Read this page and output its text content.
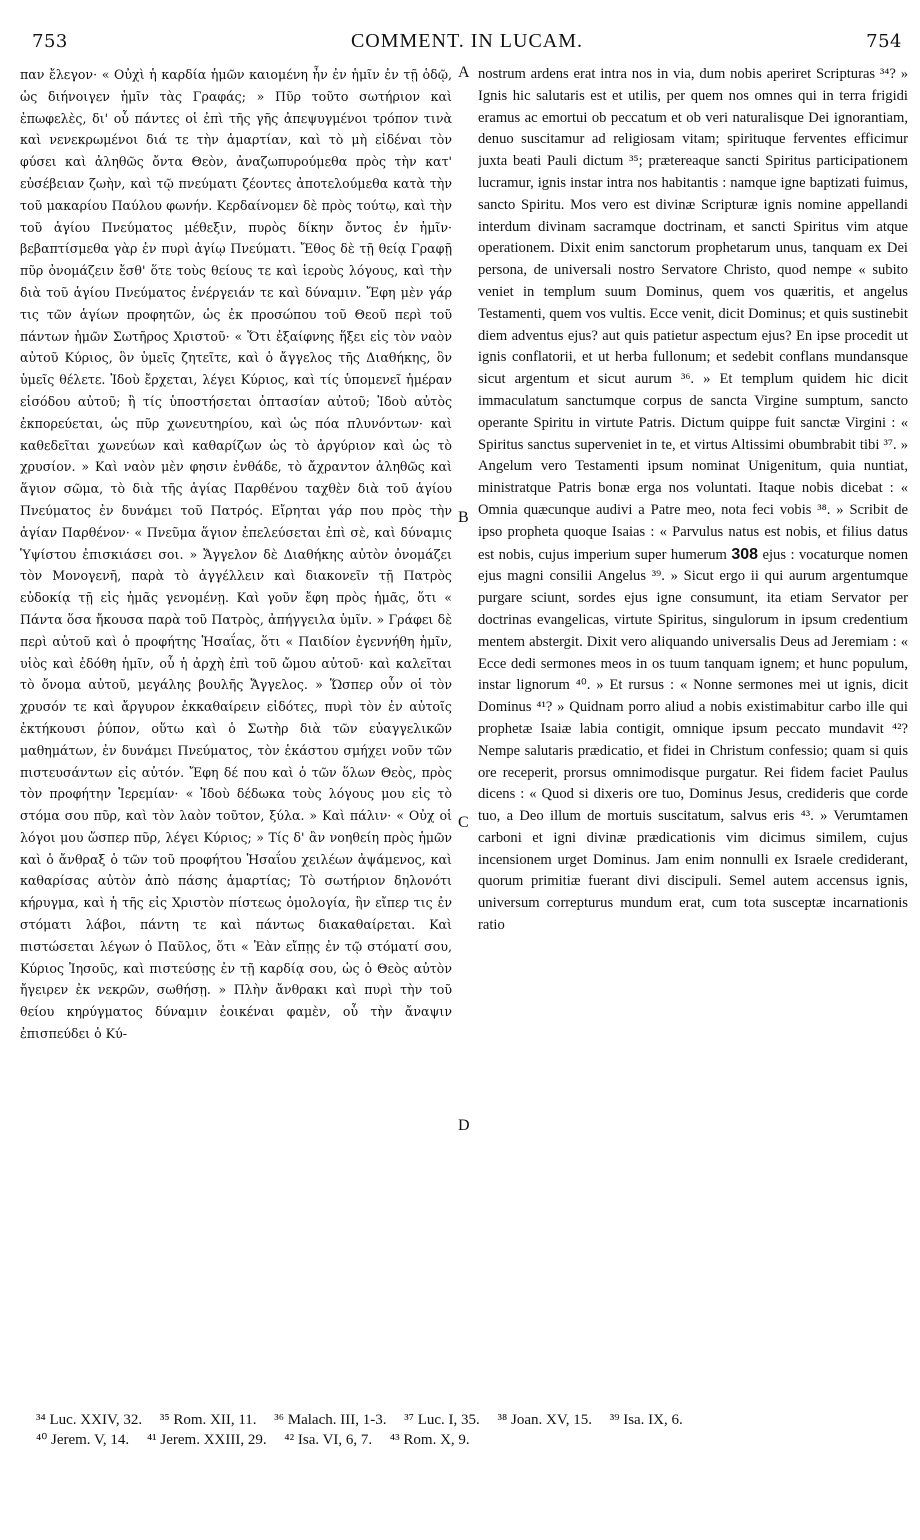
753	COMMENT. IN LUCAM.	754

παν ἔλεγον· « Οὐχὶ ἡ καρδία ἡμῶν καιομένη ἦν ἐν ἡμῖν ἐν τῇ ὁδῷ, ὡς διήνοιγεν ἡμῖν τὰς Γραφάς; » Πῦρ τοῦτο σωτήριον καὶ ἐπωφελὲς, δι' οὗ πάντες οἱ ἐπὶ τῆς γῆς ἀπεψυγμένοι τρόπον τινὰ καὶ νενεκρωμένοι διά τε τὴν ἁμαρτίαν, καὶ τὸ μὴ εἰδέναι τὸν φύσει καὶ ἀληθῶς ὄντα Θεὸν, ἀναζωπυρούμεθα πρὸς τὴν κατ' εὐσέβειαν ζωὴν, καὶ τῷ πνεύματι ζέοντες ἀποτελούμεθα κατὰ τὴν τοῦ μακαρίου Παύλου φωνήν. Κερδαίνομεν δὲ πρὸς τούτῳ, καὶ τὴν τοῦ ἁγίου Πνεύματος μέθεξιν, πυρὸς δίκην ὄντος ἐν ἡμῖν· βεβαπτίσμεθα γὰρ ἐν πυρὶ ἁγίῳ Πνεύματι. Ἔθος δὲ τῇ θείᾳ Γραφῇ πῦρ ὀνομάζειν ἔσθ' ὅτε τοὺς θείους τε καὶ ἱεροὺς λόγους, καὶ τὴν διὰ τοῦ ἁγίου Πνεύματος ἐνέργειάν τε καὶ δύναμιν. Ἔφη μὲν γάρ τις τῶν ἁγίων προφητῶν, ὡς ἐκ προσώπου τοῦ Θεοῦ περὶ τοῦ πάντων ἡμῶν Σωτῆρος Χριστοῦ· « Ὅτι ἐξαίφνης ἥξει εἰς τὸν ναὸν αὐτοῦ Κύριος, ὃν ὑμεῖς ζητεῖτε, καὶ ὁ ἄγγελος τῆς Διαθήκης, ὃν ὑμεῖς θέλετε. Ἰδοὺ ἔρχεται, λέγει Κύριος, καὶ τίς ὑπομενεῖ ἡμέραν εἰσόδου αὐτοῦ; ἢ τίς ὑποστήσεται ὀπτασίαν αὐτοῦ; Ἰδοὺ αὐτὸς ἐκπορεύεται, ὡς πῦρ χωνευτηρίου, καὶ ὡς πόα πλυνόντων· καὶ καθεδεῖται χωνεύων καὶ καθαρίζων ὡς τὸ ἀργύριον καὶ ὡς τὸ χρυσίον. » Καὶ ναὸν μὲν φησιν ἐνθάδε, τὸ ἄχραντον ἀληθῶς καὶ ἅγιον σῶμα, τὸ διὰ τῆς ἁγίας Παρθένου ταχθὲν διὰ τοῦ ἁγίου Πνεύματος ἐν δυνάμει τοῦ Πατρός. Εἴρηται γάρ που πρὸς τὴν ἁγίαν Παρθένον· « Πνεῦμα ἅγιον ἐπελεύσεται ἐπὶ σὲ, καὶ δύναμις Ὑψίστου ἐπισκιάσει σοι. » Ἄγγελον δὲ Διαθήκης αὐτὸν ὀνομάζει τὸν Μονογενῆ, παρὰ τὸ ἀγγέλλειν καὶ διακονεῖν τῇ Πατρὸς εὐδοκίᾳ τῇ εἰς ἡμᾶς γενομένῃ. Καὶ γοῦν ἔφη πρὸς ἡμᾶς, ὅτι « Πάντα ὅσα ἤκουσα παρὰ τοῦ Πατρὸς, ἀπήγγειλα ὑμῖν. » Γράφει δὲ περὶ αὐτοῦ καὶ ὁ προφήτης Ἡσαΐας, ὅτι « Παιδίον ἐγεννήθη ἡμῖν, υἱὸς καὶ ἐδόθη ἡμῖν, οὗ ἡ ἀρχὴ ἐπὶ τοῦ ὤμου αὐτοῦ· καὶ καλεῖται τὸ ὄνομα αὐτοῦ, μεγάλης βουλῆς Ἄγγελος. » Ὥσπερ οὖν οἱ τὸν χρυσόν τε καὶ ἄργυρον ἐκκαθαίρειν εἰδότες, πυρὶ τὸν ἐν αὐτοῖς ἐκτήκουσι ῥύπον, οὕτω καὶ ὁ Σωτὴρ διὰ τῶν εὐαγγελικῶν μαθημάτων, ἐν δυνάμει Πνεύματος, τὸν ἑκάστου σμήχει νοῦν τῶν πιστευσάντων εἰς αὐτόν. Ἔφη δέ που καὶ ὁ τῶν ὅλων Θεὸς, πρὸς τὸν προφήτην Ἱερεμίαν· « Ἰδοὺ δέδωκα τοὺς λόγους μου εἰς τὸ στόμα σου πῦρ, καὶ τὸν λαὸν τοῦτον, ξύλα. » Καὶ πάλιν· « Οὐχ οἱ λόγοι μου ὥσπερ πῦρ, λέγει Κύριος; » Τίς δ' ἂν νοηθείη πρὸς ἡμῶν καὶ ὁ ἄνθραξ ὁ τῶν τοῦ προφήτου Ἡσαΐου χειλέων ἀψάμενος, καὶ καθαρίσας αὐτὸν ἀπὸ πάσης ἁμαρτίας; Τὸ σωτήριον δηλονότι κήρυγμα, καὶ ἡ τῆς εἰς Χριστὸν πίστεως ὁμολογία, ἣν εἴπερ τις ἐν στόματι λάβοι, πάντη τε καὶ πάντως διακαθαίρεται. Καὶ πιστώσεται λέγων ὁ Παῦλος, ὅτι « Ἐὰν εἴπῃς ἐν τῷ στόματί σου, Κύριος Ἰησοῦς, καὶ πιστεύσῃς ἐν τῇ καρδίᾳ σου, ὡς ὁ Θεὸς αὐτὸν ἤγειρεν ἐκ νεκρῶν, σωθήσῃ. » Πλὴν ἄνθρακι καὶ πυρὶ τὴν τοῦ θείου κηρύγματος δύναμιν ἐοικέναι φαμὲν, οὗ τὴν ἄναψιν ἐπισπεύδει ὁ Κύ-

A
B
C
D

nostrum ardens erat intra nos in via, dum nobis aperiret Scripturas ³⁴? » Ignis hic salutaris est et utilis, per quem nos omnes qui in terra frigidi eramus ac emortui ob peccatum et ob veri naturalisque Dei ignorantiam, denuo suscitamur ad religiosam vitam; spirituque ferventes efficimur juxta beati Pauli dictum ³⁵; prætereaque sancti Spiritus participationem lucramur, ignis instar intra nos habitantis : namque igne baptizati fuimus, sancto Spiritu. Mos vero est divinæ Scripturæ ignis nomine appellandi interdum divinam sacramque doctrinam, et sancti Spiritus vim atque operationem. Dixit enim sanctorum prophetarum unus, tanquam ex Dei persona, de universali nostro Servatore Christo, quod nempe « subito veniet in templum suum Dominus, quem vos quæritis, et angelus Testamenti, quem vos vultis. Ecce venit, dicit Dominus; et quis sustinebit diem adventus ejus? aut quis patietur aspectum ejus? En ipse procedit ut ignis conflatorii, et ut herba fullonum; et sedebit conflans mundansque sicut argentum et sicut aurum ³⁶. » Et templum quidem hic dicit immaculatum sanctumque corpus de sancta Virgine sumptum, sancto operante Spiritu in virtute Patris. Dictum quippe fuit sanctæ Virgini : « Spiritus sanctus superveniet in te, et virtus Altissimi obumbrabit tibi ³⁷. » Angelum vero Testamenti ipsum nominat Unigenitum, quia nuntiat, ministratque Patris bonæ erga nos voluntati. Itaque nobis dicebat : « Omnia quæcunque audivi a Patre meo, nota feci vobis ³⁸. » Scribit de ipso propheta quoque Isaias : « Parvulus natus est nobis, et filius datus est nobis, cujus imperium super humerum 308 ejus : vocaturque nomen ejus magni consilii Angelus ³⁹. » Sicut ergo ii qui aurum argentumque purgare sciunt, sordes ejus igne consumunt, ita etiam Servator per doctrinas evangelicas, virtute Spiritus, singulorum in ipsum credentium mentem abstergit. Dixit vero aliquando universalis Deus ad Jeremiam : « Ecce dedi sermones meos in os tuum tanquam ignem; et hunc populum, instar lignorum ⁴⁰. » Et rursus : « Nonne sermones mei ut ignis, dicit Dominus ⁴¹? » Quidnam porro aliud a nobis existimabitur carbo ille qui prophetæ Isaiæ labia contigit, omnique ipsum peccato mundavit ⁴²? Nempe salutaris prædicatio, et fidei in Christum confessio; quam si quis ore receperit, prorsus omnimodisque purgatur. Rei fidem faciet Paulus dicens : « Quod si dixeris ore tuo, Dominus Jesus, credideris que corde tuo, a Deo illum de mortuis suscitatum, salvus eris ⁴³. » Verumtamen carboni et igni divinæ prædicationis vim dicimus similem, cujus incensionem urget Dominus. Jam enim nonnulli ex Israele crediderant, quorum primitiæ fuerant divi discipuli. Semel autem accensus ignis, universum correpturus mundum erat, cum tota susceptæ incarnationis ratio

³⁴ Luc. XXIV, 32. ³⁵ Rom. XII, 11. ³⁶ Malach. III, 1-3. ³⁷ Luc. I, 35. ³⁸ Joan. XV, 15. ³⁹ Isa. IX, 6.
⁴⁰ Jerem. V, 14. ⁴¹ Jerem. XXIII, 29. ⁴² Isa. VI, 6, 7. ⁴³ Rom. X, 9.
